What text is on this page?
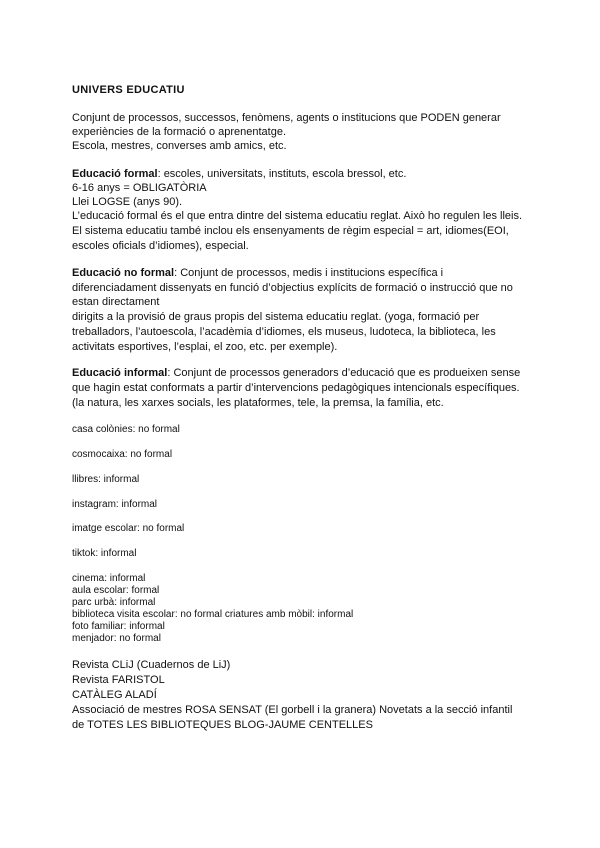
UNIVERS EDUCATIU

Conjunt de processos, successos, fenòmens, agents o institucions que PODEN generar

experiències de la formació o aprenentatge.

Escola, mestres, converses amb amics, etc.

Educació formal: escoles, universitats, instituts, escola bressol, etc.

6-16 anys = OBLIGATÒRIA

Llei LOGSE (anys 90).

L’educació formal és el que entra dintre del sistema educatiu reglat. Això ho regulen les lleis.

El sistema educatiu també inclou els ensenyaments de règim especial = art, idiomes(EOI,

escoles oficials d’idiomes), especial.

Educació no formal: Conjunt de processos, medis i institucions específica i

diferenciadament dissenyats en funció d’objectius explícits de formació o instrucció que no

estan directament

dirigits a la provisió de graus propis del sistema educatiu reglat. (yoga, formació per

treballadors, l’autoescola, l’acadèmia d’idiomes, els museus, ludoteca, la biblioteca, les

activitats esportives, l’esplai, el zoo, etc. per exemple).

Educació informal: Conjunt de processos generadors d’educació que es produeixen sense

que hagin estat conformats a partir d’intervencions pedagògiques intencionals específiques.

(la natura, les xarxes socials, les plataformes, tele, la premsa, la família, etc.

casa colònies: no formal

cosmocaixa: no formal

llibres: informal

instagram: informal

imatge escolar: no formal

tiktok: informal

cinema: informal

aula escolar: formal

parc urbà: informal

biblioteca visita escolar: no formal criatures amb mòbil: informal

foto familiar: informal

menjador: no formal

Revista CLiJ (Cuadernos de LiJ)

Revista FARISTOL

CATÀLEG ALADÍ

Associació de mestres ROSA SENSAT (El gorbell i la granera) Novetats a la secció infantil

de TOTES LES BIBLIOTEQUES BLOG-JAUME CENTELLES
